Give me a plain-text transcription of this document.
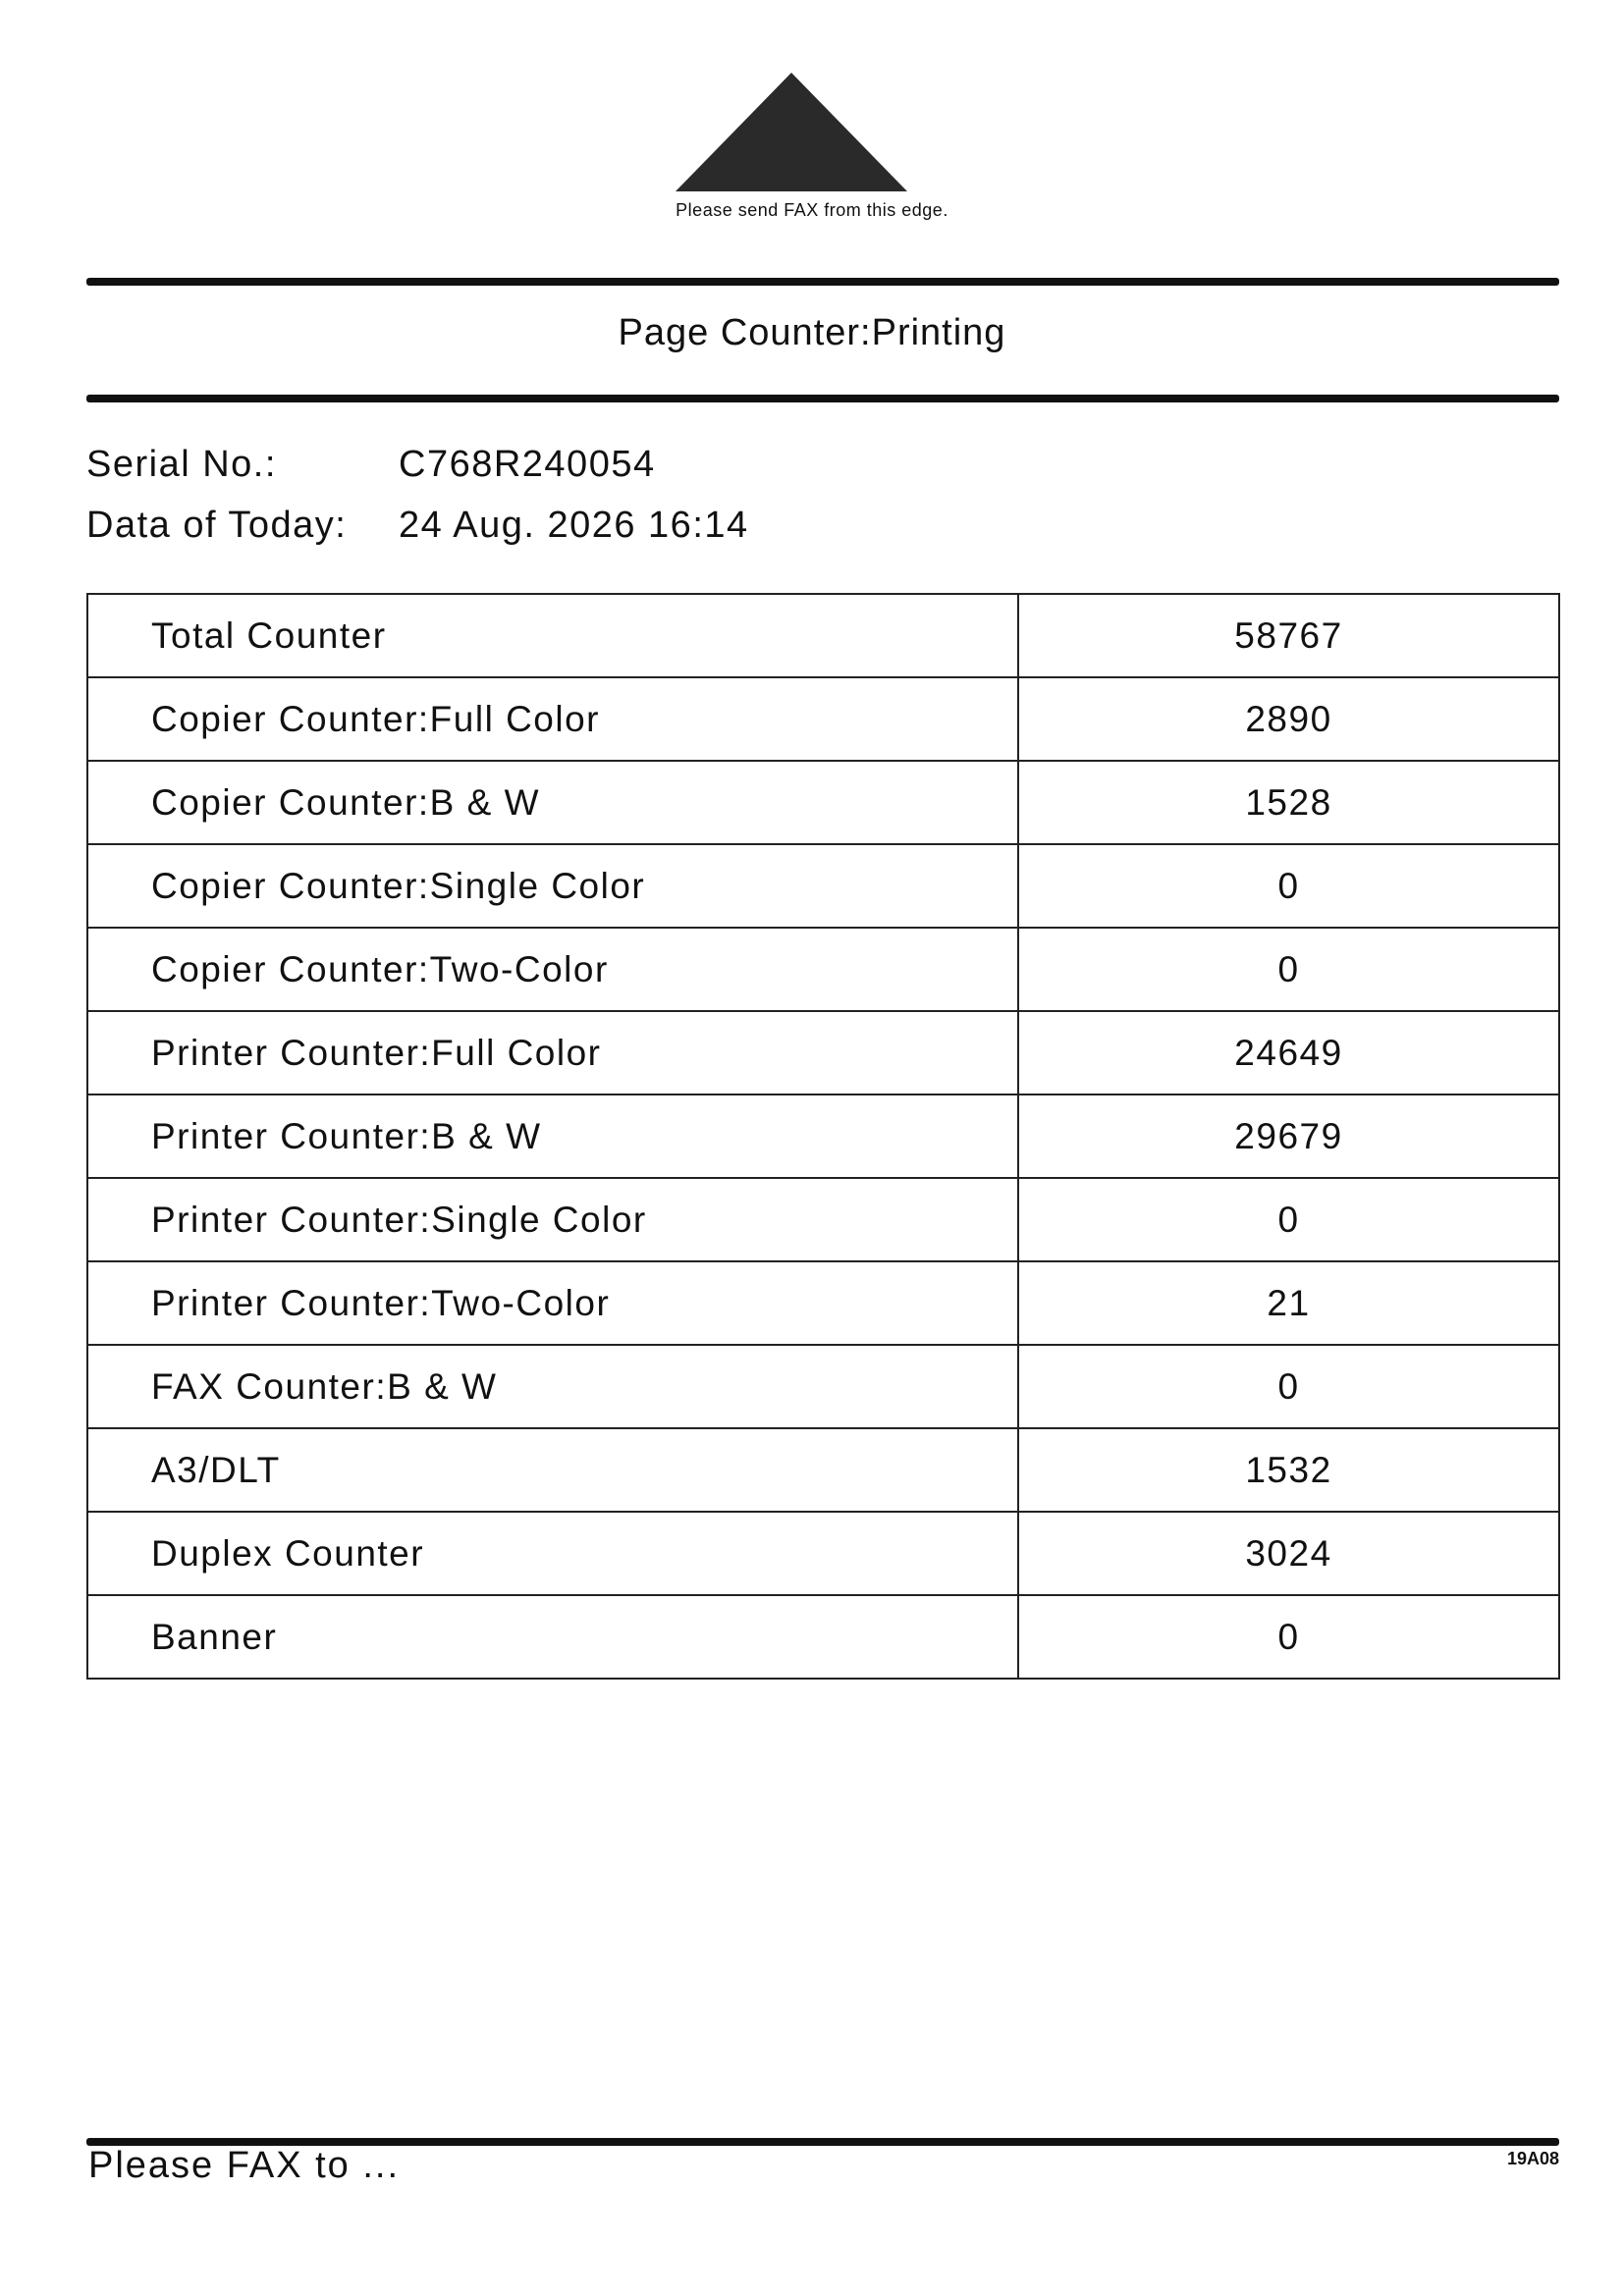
Please send FAX from this edge.
Page Counter:Printing
Serial No.:	C768R240054
Data of Today:	24 Aug. 2026 16:14
Total Counter	58767
Copier Counter:Full Color	2890
Copier Counter:B & W	1528
Copier Counter:Single Color	0
Copier Counter:Two-Color	0
Printer Counter:Full Color	24649
Printer Counter:B & W	29679
Printer Counter:Single Color	0
Printer Counter:Two-Color	21
FAX Counter:B & W	0
A3/DLT	1532
Duplex Counter	3024
Banner	0
Please FAX to ...	19A08
